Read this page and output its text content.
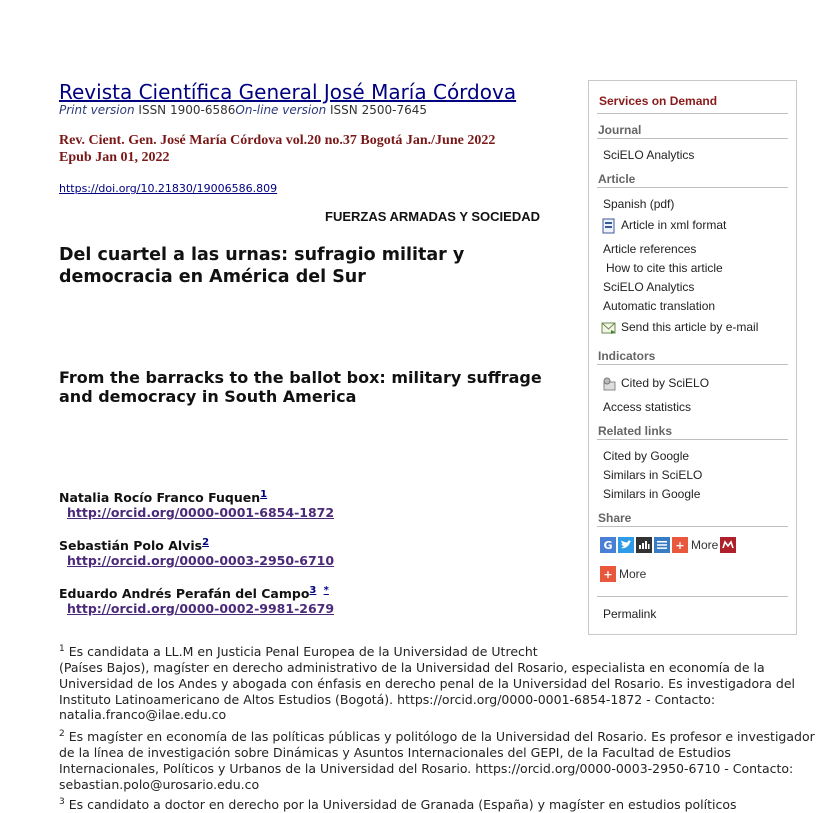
Revista Científica General José María Córdova
Print version ISSN 1900-6586On-line version ISSN 2500-7645
Rev. Cient. Gen. José María Córdova vol.20 no.37 Bogotá Jan./June 2022
Epub Jan 01, 2022
https://doi.org/10.21830/19006586.809
FUERZAS ARMADAS Y SOCIEDAD
Del cuartel a las urnas: sufragio militar y democracia en América del Sur
From the barracks to the ballot box: military suffrage and democracy in South America
Natalia Rocío Franco Fuquen$^1$
http://orcid.org/0000-0001-6854-1872
Sebastián Polo Alvis$^2$
http://orcid.org/0000-0003-2950-6710
Eduardo Andrés Perafán del Campo$^{3 *}$
http://orcid.org/0000-0002-9981-2679
$^1$ Es candidata a LL.M en Justicia Penal Europea de la Universidad de Utrecht
(Países Bajos), magíster en derecho administrativo de la Universidad del Rosario, especialista en economía de la Universidad de los Andes y abogada con énfasis en derecho penal de la Universidad del Rosario. Es investigadora del Instituto Latinoamericano de Altos Estudios (Bogotá). https://orcid.org/0000-0001-6854-1872 - Contacto: natalia.franco@ilae.edu.co
$^2$ Es magíster en economía de las políticas públicas y politólogo de la Universidad del Rosario. Es profesor e investigador de la línea de investigación sobre Dinámicas y Asuntos Internacionales del GEPI, de la Facultad de Estudios Internacionales, Políticos y Urbanos de la Universidad del Rosario. https://orcid.org/0000-0003-2950-6710 - Contacto: sebastian.polo@urosario.edu.co
$^3$ Es candidato a doctor en derecho por la Universidad de Granada (España) y magíster en estudios políticos
Services on Demand
Journal
SciELO Analytics
Article
Spanish (pdf)
Article in xml format
Article references
How to cite this article
SciELO Analytics
Automatic translation
Send this article by e-mail
Indicators
Cited by SciELO
Access statistics
Related links
Cited by Google
Similars in SciELO
Similars in Google
Share
G	+ More
+ More
Permalink
